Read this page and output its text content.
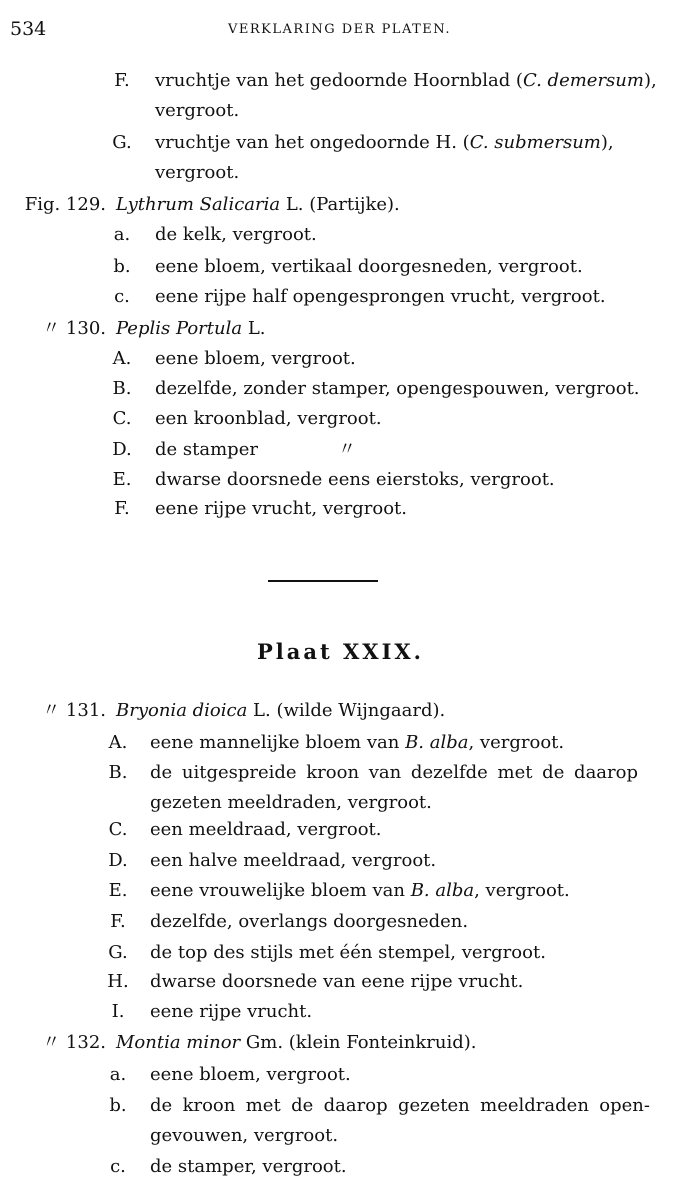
534	VERKLARING DER PLATEN.
F.	vruchtje van het gedoornde Hoornblad (C. demersum),
vergroot.
G.	vruchtje van het ongedoornde H. (C. submersum),
vergroot.
Fig. 129. Lythrum Salicaria L. (Partijke).
a.	de kelk, vergroot.
b.	eene bloem, vertikaal doorgesneden, vergroot.
c.	eene rijpe half opengesprongen vrucht, vergroot.
〃 130. Peplis Portula L.
A.	eene bloem, vergroot.
B.	dezelfde, zonder stamper, opengespouwen, vergroot.
C.	een kroonblad, vergroot.
D.	de stamper	〃
E.	dwarse doorsnede eens eierstoks, vergroot.
F.	eene rijpe vrucht, vergroot.
Plaat XXIX.
〃 131. Bryonia dioica L. (wilde Wijngaard).
A.	eene mannelijke bloem van B. alba, vergroot.
B.	de uitgespreide kroon van dezelfde met de daarop
gezeten meeldraden, vergroot.
C.	een meeldraad, vergroot.
D.	een halve meeldraad, vergroot.
E.	eene vrouwelijke bloem van B. alba, vergroot.
F.	dezelfde, overlangs doorgesneden.
G.	de top des stijls met één stempel, vergroot.
H.	dwarse doorsnede van eene rijpe vrucht.
I.	eene rijpe vrucht.
〃 132. Montia minor Gm. (klein Fonteinkruid).
a.	eene bloem, vergroot.
b.	de kroon met de daarop gezeten meeldraden open-
gevouwen, vergroot.
c.	de stamper, vergroot.
